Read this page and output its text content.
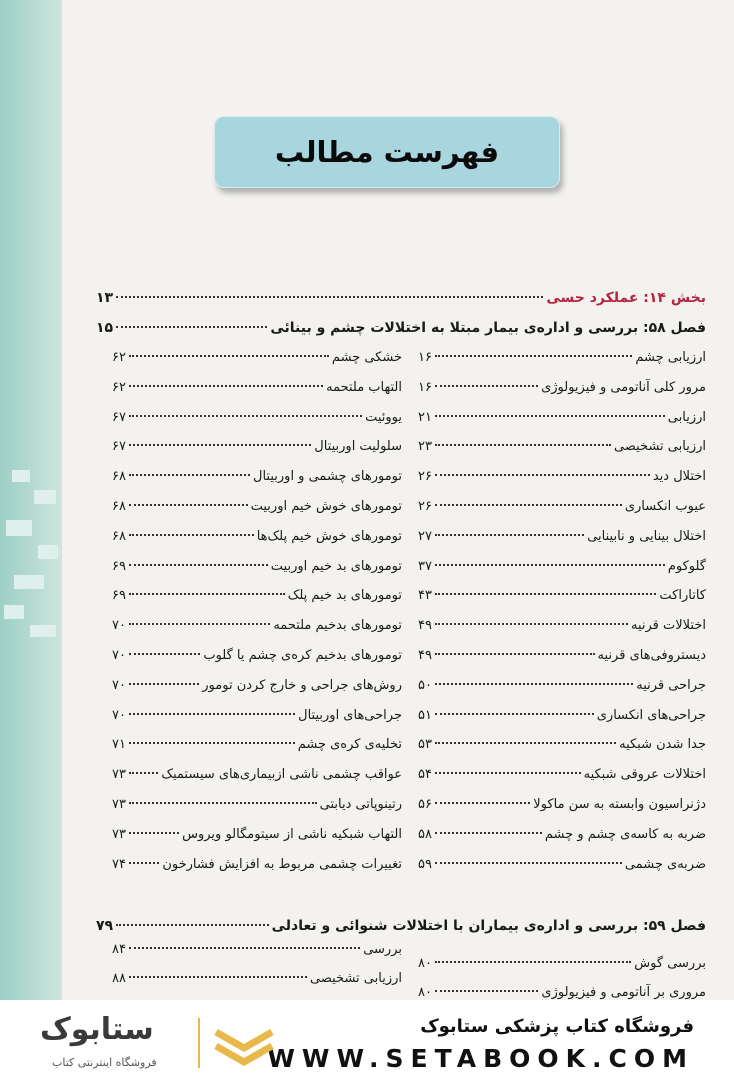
فهرست مطالب
بخش ۱۴: عملکرد حسی
۱۳
فصل ۵۸: بررسی و اداره‌ی بیمار مبتلا به اختلالات چشم و بینائی
۱۵
ارزیابی چشم
۱۶
مرور کلی آناتومی و فیزیولوژی
۱۶
ارزیابی
۲۱
ارزیابی تشخیصی
۲۳
اختلال دید
۲۶
عیوب انکساری
۲۶
اختلال بینایی و نابینایی
۲۷
گلوکوم
۳۷
کاتاراکت
۴۳
اختلالات قرنیه
۴۹
دیستروفی‌های قرنیه
۴۹
جراحی قرنیه
۵۰
جراحی‌های انکساری
۵۱
جدا شدن شبکیه
۵۳
اختلالات عروقی شبکیه
۵۴
دژنراسیون وابسته به سن ماکولا
۵۶
ضربه به کاسه‌ی چشم و چشم
۵۸
ضربه‌ی چشمی
۵۹
خشکی چشم
۶۲
التهاب ملتحمه
۶۲
یووئیت
۶۷
سلولیت اوربیتال
۶۷
تومورهای چشمی و اوربیتال
۶۸
تومورهای خوش خیم اوربیت
۶۸
تومورهای خوش خیم پلک‌ها
۶۸
تومورهای بد خیم اوربیت
۶۹
تومورهای بد خیم پلک
۶۹
تومورهای بدخیم ملتحمه
۷۰
تومورهای بدخیم کره‌ی چشم یا گلوب
۷۰
روش‌های جراحی و خارج کردن تومور
۷۰
جراحی‌های اوربیتال
۷۰
تخلیه‌ی کره‌ی چشم
۷۱
عواقب چشمی ناشی ازبیماری‌های سیستمیک
۷۳
رتینوپاتی دیابتی
۷۳
التهاب شبکیه ناشی از سیتومگالو ویروس
۷۳
تغییرات چشمی مربوط به افزایش فشارخون
۷۴
فصل ۵۹: بررسی و اداره‌ی بیماران با اختلالات شنوائی و تعادلی
۷۹
بررسی گوش
۸۰
مروری بر آناتومی و فیزیولوژی
۸۰
بررسی
۸۴
ارزیابی تشخیصی
۸۸
فروشگاه کتاب پزشکی ستابوک
WWW.SETABOOK.COM
ستابوک
فروشگاه اینترنتی کتاب
